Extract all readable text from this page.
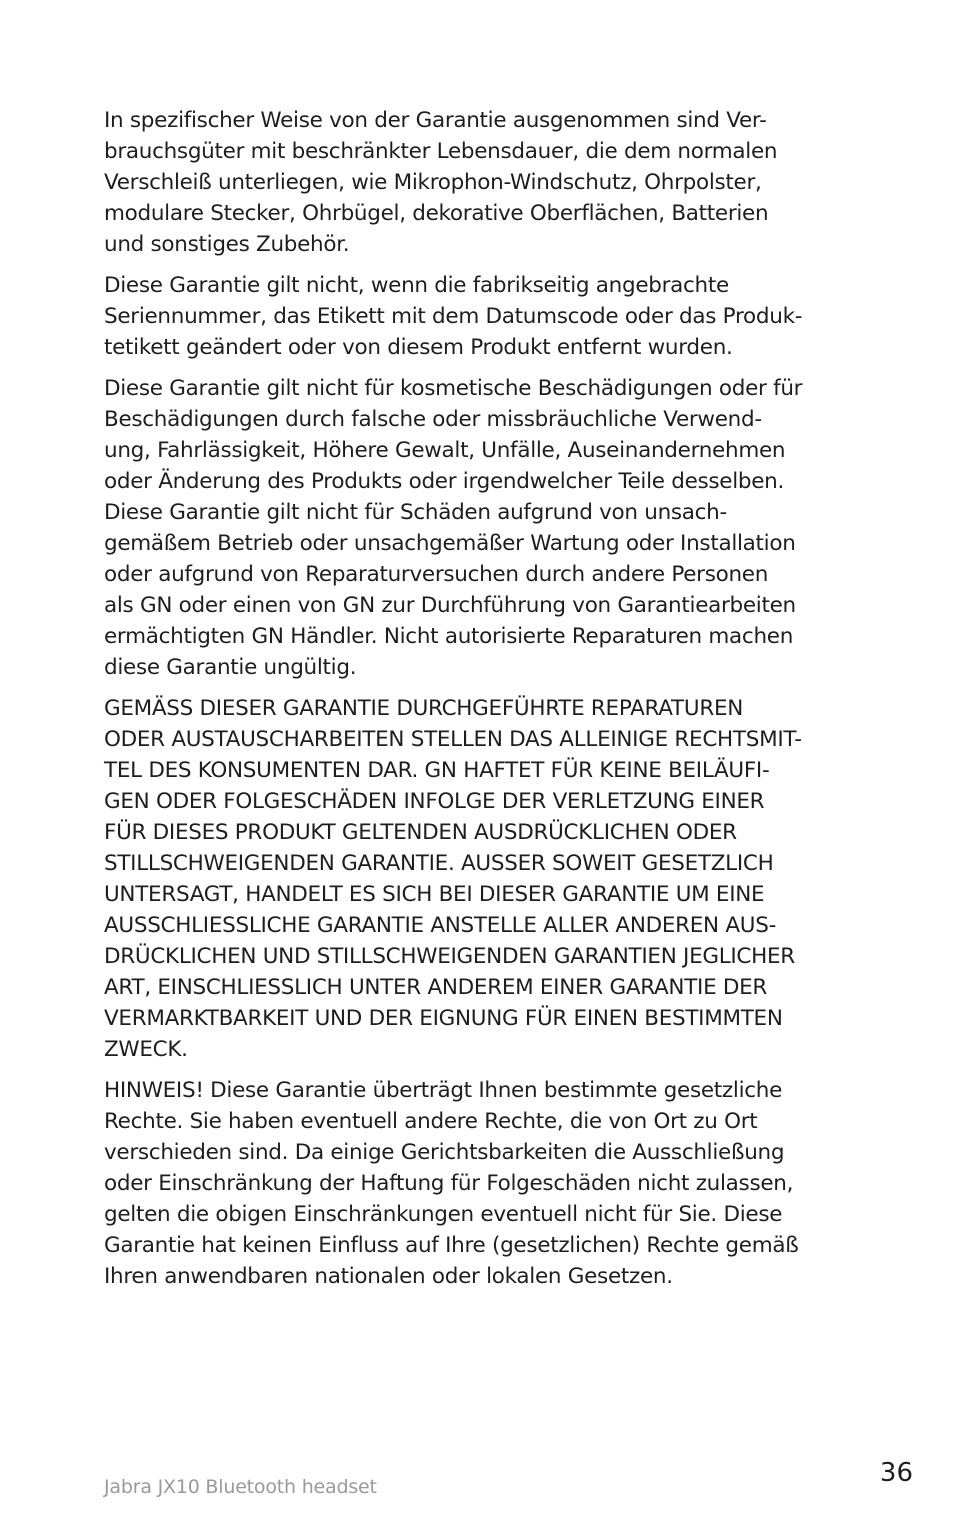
In spezifischer Weise von der Garantie ausgenommen sind Ver-
brauchsgüter mit beschränkter Lebensdauer, die dem normalen
Verschleiß unterliegen, wie Mikrophon-Windschutz, Ohrpolster,
modulare Stecker, Ohrbügel, dekorative Oberflächen, Batterien
und sonstiges Zubehör.

Diese Garantie gilt nicht, wenn die fabrikseitig angebrachte
Seriennummer, das Etikett mit dem Datumscode oder das Produk-
tetikett geändert oder von diesem Produkt entfernt wurden.

Diese Garantie gilt nicht für kosmetische Beschädigungen oder für
Beschädigungen durch falsche oder missbräuchliche Verwend-
ung, Fahrlässigkeit, Höhere Gewalt, Unfälle, Auseinandernehmen
oder Änderung des Produkts oder irgendwelcher Teile desselben.
Diese Garantie gilt nicht für Schäden aufgrund von unsach-
gemäßem Betrieb oder unsachgemäßer Wartung oder Installation
oder aufgrund von Reparaturversuchen durch andere Personen
als GN oder einen von GN zur Durchführung von Garantiearbeiten
ermächtigten GN Händler. Nicht autorisierte Reparaturen machen
diese Garantie ungültig.

GEMÄSS DIESER GARANTIE DURCHGEFÜHRTE REPARATUREN
ODER AUSTAUSCHARBEITEN STELLEN DAS ALLEINIGE RECHTSMIT-
TEL DES KONSUMENTEN DAR. GN HAFTET FÜR KEINE BEILÄUFI-
GEN ODER FOLGESCHÄDEN INFOLGE DER VERLETZUNG EINER
FÜR DIESES PRODUKT GELTENDEN AUSDRÜCKLICHEN ODER
STILLSCHWEIGENDEN GARANTIE. AUSSER SOWEIT GESETZLICH
UNTERSAGT, HANDELT ES SICH BEI DIESER GARANTIE UM EINE
AUSSCHLIESSLICHE GARANTIE ANSTELLE ALLER ANDEREN AUS-
DRÜCKLICHEN UND STILLSCHWEIGENDEN GARANTIEN JEGLICHER
ART, EINSCHLIESSLICH UNTER ANDEREM EINER GARANTIE DER
VERMARKTBARKEIT UND DER EIGNUNG FÜR EINEN BESTIMMTEN
ZWECK.

HINWEIS! Diese Garantie überträgt Ihnen bestimmte gesetzliche
Rechte. Sie haben eventuell andere Rechte, die von Ort zu Ort
verschieden sind. Da einige Gerichtsbarkeiten die Ausschließung
oder Einschränkung der Haftung für Folgeschäden nicht zulassen,
gelten die obigen Einschränkungen eventuell nicht für Sie. Diese
Garantie hat keinen Einfluss auf Ihre (gesetzlichen) Rechte gemäß
Ihren anwendbaren nationalen oder lokalen Gesetzen.

Jabra JX10 Bluetooth headset	36
